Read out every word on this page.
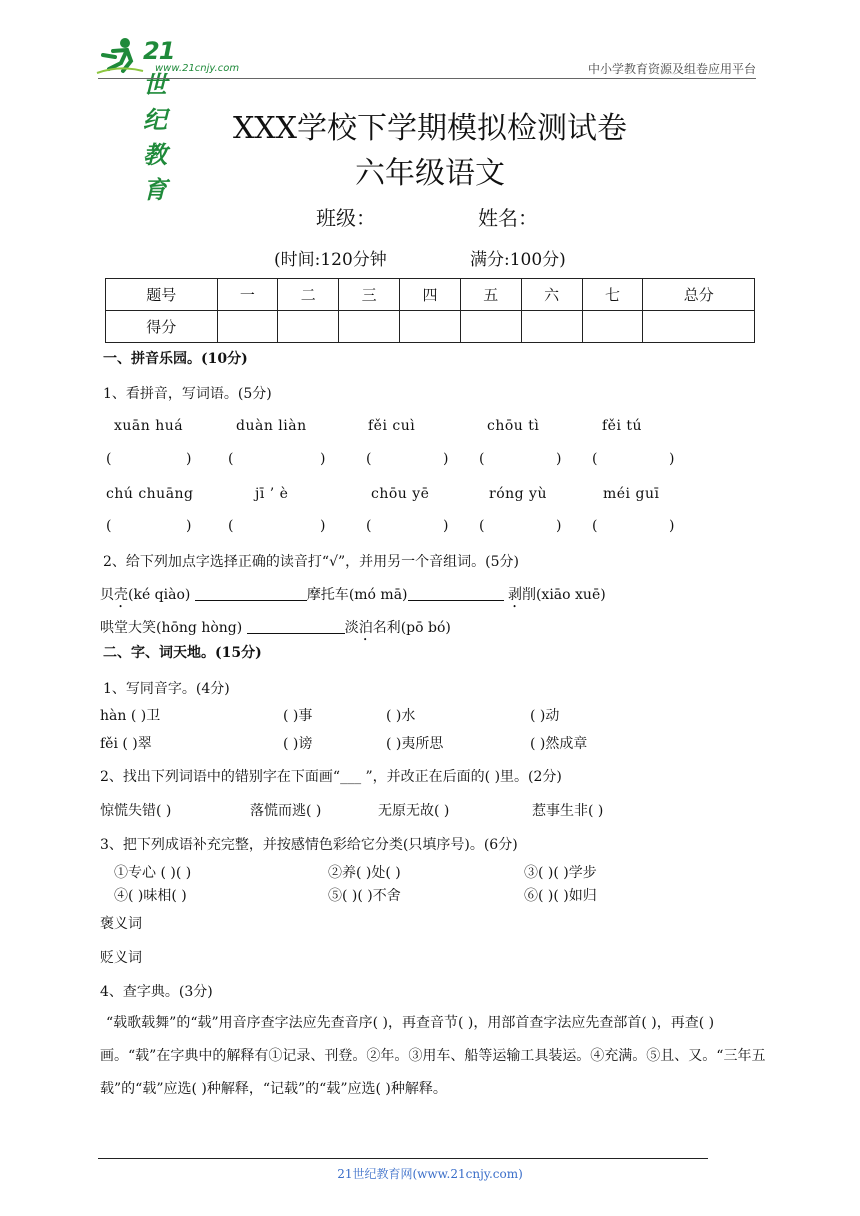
21世纪教育
www.21cnjy.com	中小学教育资源及组卷应用平台
XXX学校下学期模拟检测试卷
六年级语文
班级：	姓名：
(时间:120分钟	满分:100分)
题号	一	二	三	四	五	六	七	总分
得分								
一、拼音乐园。(10分)
1、看拼音，写词语。(5分)
xuān huá	duàn liàn	fěi cuì	chōu tì	fěi tú
(	)	(	)	(	) (	) (	)
chú chuāng	jī ’ è	chōu yē	róng yù	méi guī
(	)	(	)	(	) (	) (	)
2、给下列加点字选择正确的读音打“√”，并用另一个音组词。(5分)
贝壳(ké qiào)	摩托车(mó mā)	剥削(xiāo xuē)
哄堂大笑(hōng hòng)	淡泊名利(pō bó)
二、字、词天地。(15分)
1、写同音字。(4分)
hàn ( )卫	( )事	( )水	( )动
fěi ( )翠	( )谤	( )夷所思	( )然成章
2、找出下列词语中的错别字在下面画“___ ”，并改正在后面的( )里。(2分)
惊慌失错( )	落慌而逃( )	无原无故( )	惹事生非( )
3、把下列成语补充完整，并按感情色彩给它分类(只填序号)。(6分)
①专心 ( )( )	②养( )处( )	③( )( )学步
④( )味相( )	⑤( )( )不舍	⑥( )( )如归
褒义词
贬义词
4、查字典。(3分)
“载歌载舞”的“载”用音序查字法应先查音序( )，再查音节( )，用部首查字法应先查部首( )，再查( )画。“载”在字典中的解释有①记录、刊登。②年。③用车、船等运输工具装运。④充满。⑤且、又。“三年五载”的“载”应选( )种解释，“记载”的“载”应选( )种解释。
21世纪教育网(www.21cnjy.com)
